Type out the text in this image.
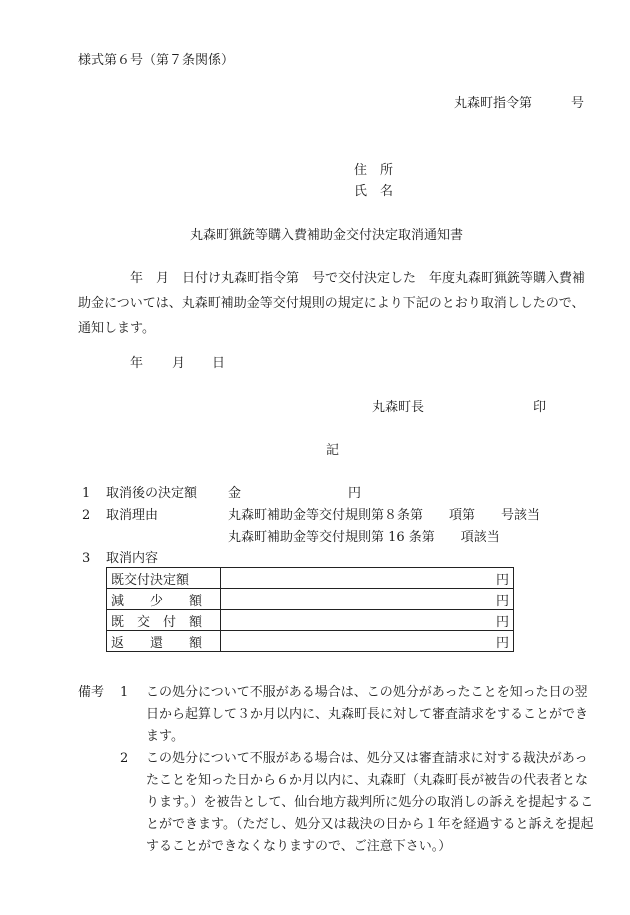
様式第６号（第７条関係）
丸森町指令第　　　号
住　所
氏　名
丸森町猟銃等購入費補助金交付決定取消通知書
年　月　日付け丸森町指令第　号で交付決定した　年度丸森町猟銃等購入費補助金については、丸森町補助金等交付規則の規定により下記のとおり取消ししたので、通知します。
年 月 日
丸森町長	印
記
1 取消後の決定額 金	円
2 取消理由	丸森町補助金等交付規則第８条第　　項第　　号該当
丸森町補助金等交付規則第 16 条第　　項該当
3 取消内容
既交付決定額	円
減　　少　　額	円
既　交　付　額	円
返　　還　　額	円
備考 1 この処分について不服がある場合は、この処分があったことを知った日の翌日から起算して３か月以内に、丸森町長に対して審査請求をすることができます。
2 この処分について不服がある場合は、処分又は審査請求に対する裁決があったことを知った日から６か月以内に、丸森町（丸森町長が被告の代表者となります。）を被告として、仙台地方裁判所に処分の取消しの訴えを提起することができます。（ただし、処分又は裁決の日から１年を経過すると訴えを提起することができなくなりますので、ご注意下さい。）
